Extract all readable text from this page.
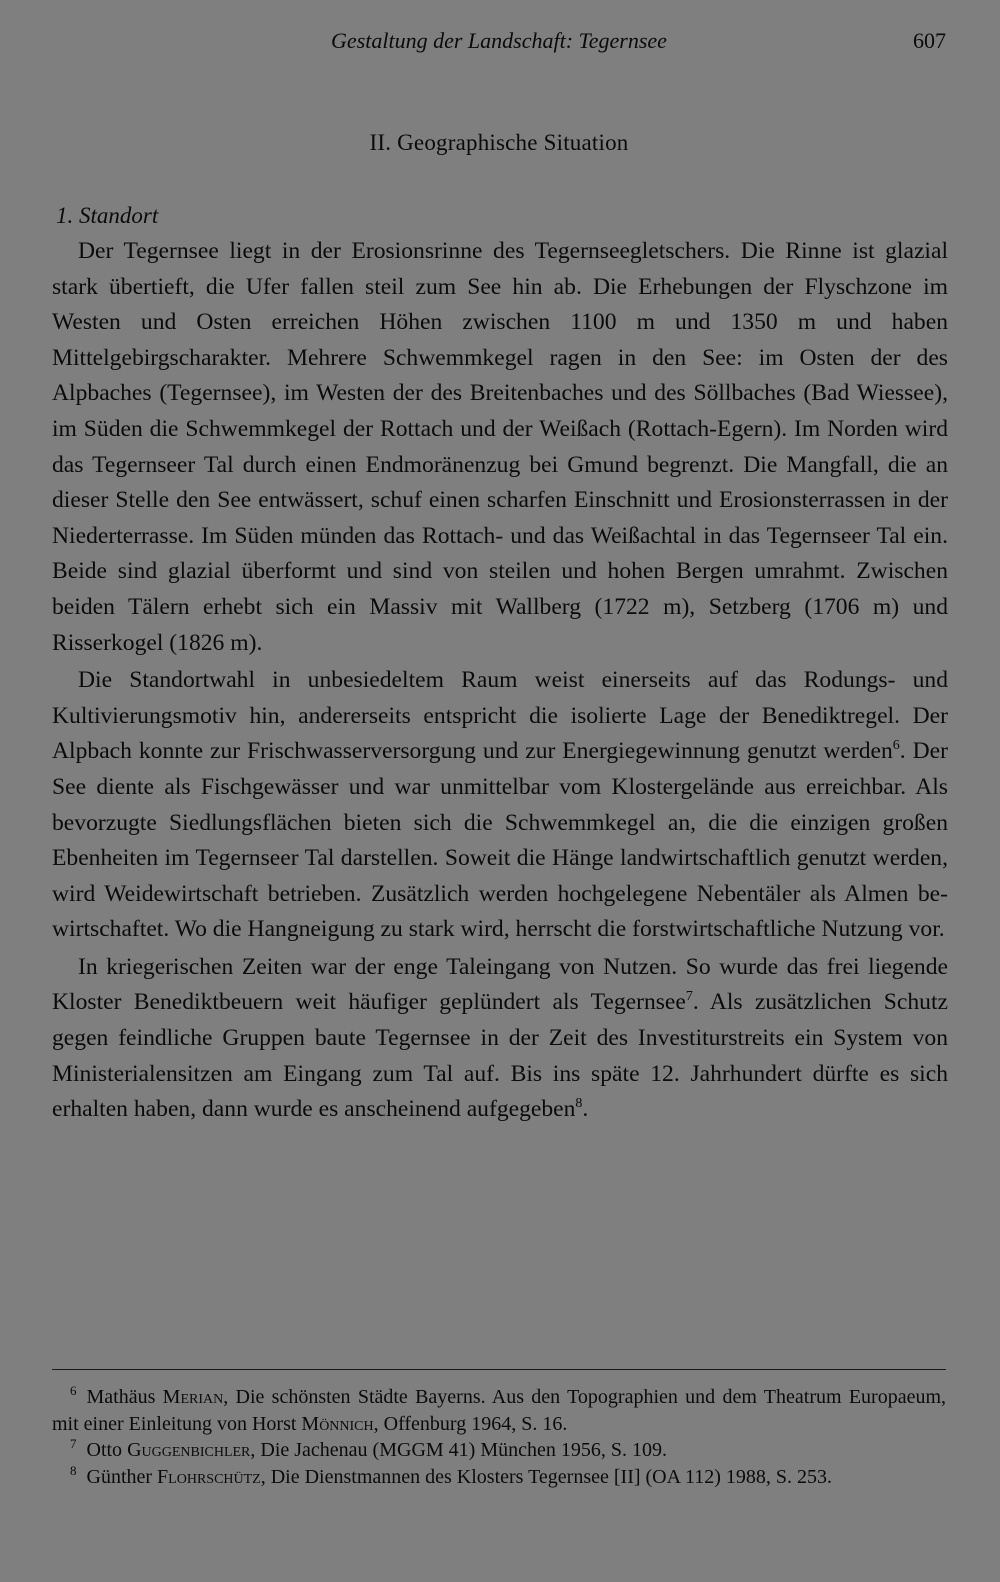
Gestaltung der Landschaft: Tegernsee	607
II. Geographische Situation
1. Standort

Der Tegernsee liegt in der Erosionsrinne des Tegernseegletschers. Die Rinne ist glazial stark übertieft, die Ufer fallen steil zum See hin ab. Die Erhebungen der Flyschzone im Westen und Osten erreichen Höhen zwischen 1100 m und 1350 m und haben Mittelgebirgscharakter. Mehrere Schwemmkegel ragen in den See: im Osten der des Alpbaches (Tegernsee), im Westen der des Breitenbaches und des Söllbaches (Bad Wiessee), im Süden die Schwemmkegel der Rottach und der Weißach (Rottach-Egern). Im Norden wird das Tegernseer Tal durch einen Endmoränenzug bei Gmund begrenzt. Die Mangfall, die an dieser Stelle den See entwässert, schuf einen scharfen Einschnitt und Erosionsterrassen in der Niederterrasse. Im Süden münden das Rottach- und das Weißachtal in das Tegernseer Tal ein. Beide sind glazial überformt und sind von steilen und hohen Bergen umrahmt. Zwischen beiden Tälern erhebt sich ein Massiv mit Wallberg (1722 m), Setzberg (1706 m) und Risserkogel (1826 m).

Die Standortwahl in unbesiedeltem Raum weist einerseits auf das Rodungs- und Kultivierungsmotiv hin, andererseits entspricht die isolierte Lage der Benediktregel. Der Alpbach konnte zur Frischwasserversorgung und zur Energiegewinnung genutzt werden$^6$. Der See diente als Fischgewässer und war unmittelbar vom Klostergelände aus erreichbar. Als bevorzugte Siedlungsflächen bieten sich die Schwemmkegel an, die die einzigen großen Ebenheiten im Tegernseer Tal darstellen. Soweit die Hänge landwirtschaftlich genutzt werden, wird Weidewirtschaft betrieben. Zusätzlich werden hochgelegene Nebentäler als Almen bewirtschaftet. Wo die Hangneigung zu stark wird, herrscht die forstwirtschaftliche Nutzung vor.

In kriegerischen Zeiten war der enge Taleingang von Nutzen. So wurde das frei liegende Kloster Benediktbeuern weit häufiger geplündert als Tegernsee$^7$. Als zusätzlichen Schutz gegen feindliche Gruppen baute Tegernsee in der Zeit des Investiturstreits ein System von Ministerialensitzen am Eingang zum Tal auf. Bis ins späte 12. Jahrhundert dürfte es sich erhalten haben, dann wurde es anscheinend aufgegeben$^8$.

$^6$ Mathäus Merian, Die schönsten Städte Bayerns. Aus den Topographien und dem Theatrum Europaeum, mit einer Einleitung von Horst Mönnich, Offenburg 1964, S. 16.

$^7$ Otto Guggenbichler, Die Jachenau (MGGM 41) München 1956, S. 109.

$^8$ Günther Flohrschütz, Die Dienstmannen des Klosters Tegernsee [II] (OA 112) 1988, S. 253.
